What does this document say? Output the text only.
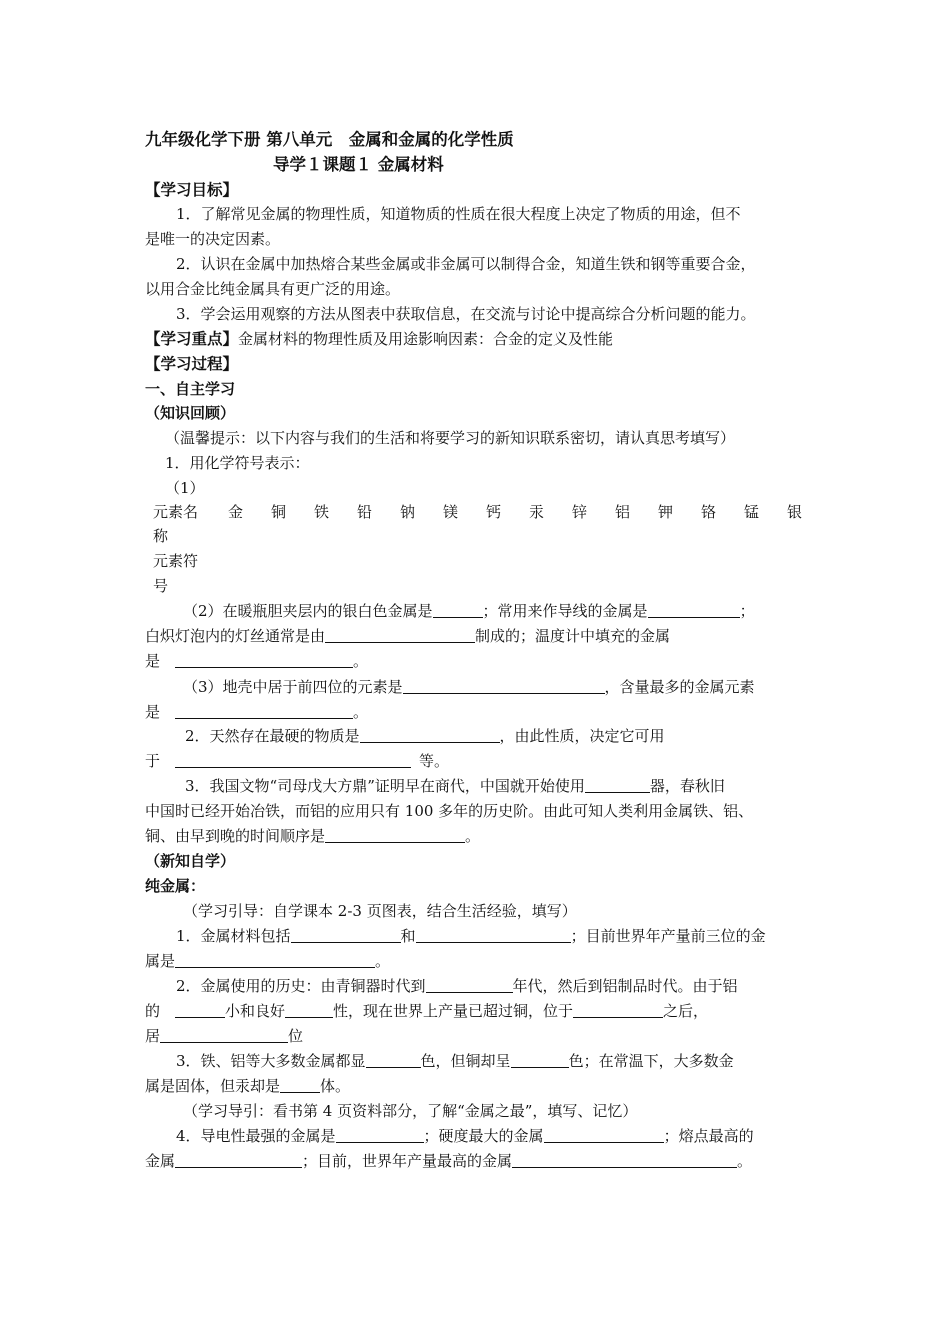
九年级化学下册 第八单元　金属和金属的化学性质
导学１课题１ 金属材料
【学习目标】
1．了解常见金属的物理性质，知道物质的性质在很大程度上决定了物质的用途，但不
是唯一的决定因素。
2．认识在金属中加热熔合某些金属或非金属可以制得合金，知道生铁和钢等重要合金，
以用合金比纯金属具有更广泛的用途。
3．学会运用观察的方法从图表中获取信息，在交流与讨论中提高综合分析问题的能力。
【学习重点】金属材料的物理性质及用途影响因素：合金的定义及性能
【学习过程】
一、自主学习
（知识回顾）
（温馨提示：以下内容与我们的生活和将要学习的新知识联系密切，请认真思考填写）
1．用化学符号表示：
（1）
元素名 金 铜 铁 铅 钠 镁 钙 汞 锌 铝 钾 铬 锰 银
称
元素符
号
（2）在暖瓶胆夹层内的银白色金属是	；常用来作导线的金属是	；
白炽灯泡内的灯丝通常是由	制成的；温度计中填充的金属
是	。
（3）地壳中居于前四位的元素是	，含量最多的金属元素
是	。
2．天然存在最硬的物质是	，由此性质，决定它可用
于	等。
3．我国文物“司母戊大方鼎”证明早在商代，中国就开始使用	器，春秋旧
中国时已经开始冶铁，而铝的应用只有 100 多年的历史阶。由此可知人类利用金属铁、铝、
铜、由早到晚的时间顺序是	。
（新知自学）
纯金属：
（学习引导：自学课本 2-3 页图表，结合生活经验，填写）
1．金属材料包括	和	；目前世界年产量前三位的金
属是	。
2．金属使用的历史：由青铜器时代到	年代，然后到铝制品时代。由于铝
的	小和良好	性，现在世界上产量已超过铜，位于	之后，
居	位
3．铁、铝等大多数金属都显	色，但铜却呈	色；在常温下，大多数金
属是固体，但汞却是	体。
（学习导引：看书第 4 页资料部分，了解“金属之最”，填写、记忆）
4．导电性最强的金属是	；硬度最大的金属	；熔点最高的
金属	；目前，世界年产量最高的金属	。
